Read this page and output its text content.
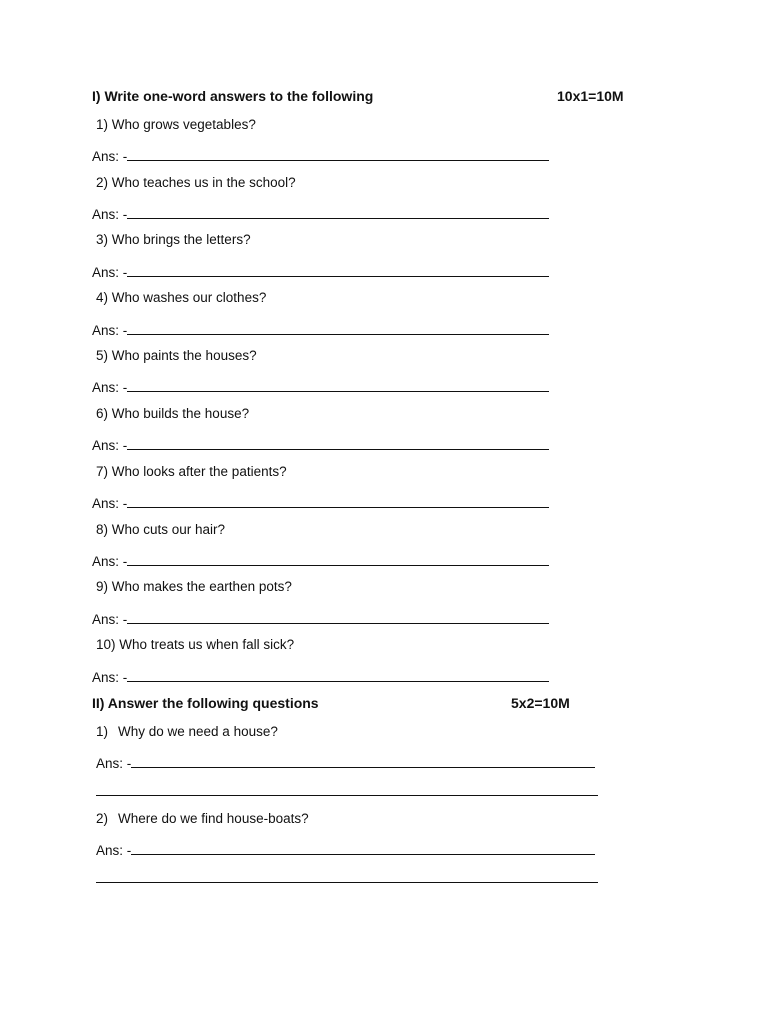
I) Write one-word answers to the following	10x1=10M
1) Who grows vegetables?
Ans: -
2) Who teaches us in the school?
Ans: -
3) Who brings the letters?
Ans: -
4) Who washes our clothes?
Ans: -
5) Who paints the houses?
Ans: -
6) Who builds the house?
Ans: -
7) Who looks after the patients?
Ans: -
8) Who cuts our hair?
Ans: -
9) Who makes the earthen pots?
Ans: -
10) Who treats us when fall sick?
Ans: -
II) Answer the following questions	5x2=10M
1) Why do we need a house?
Ans: -
2) Where do we find house-boats?
Ans: -
